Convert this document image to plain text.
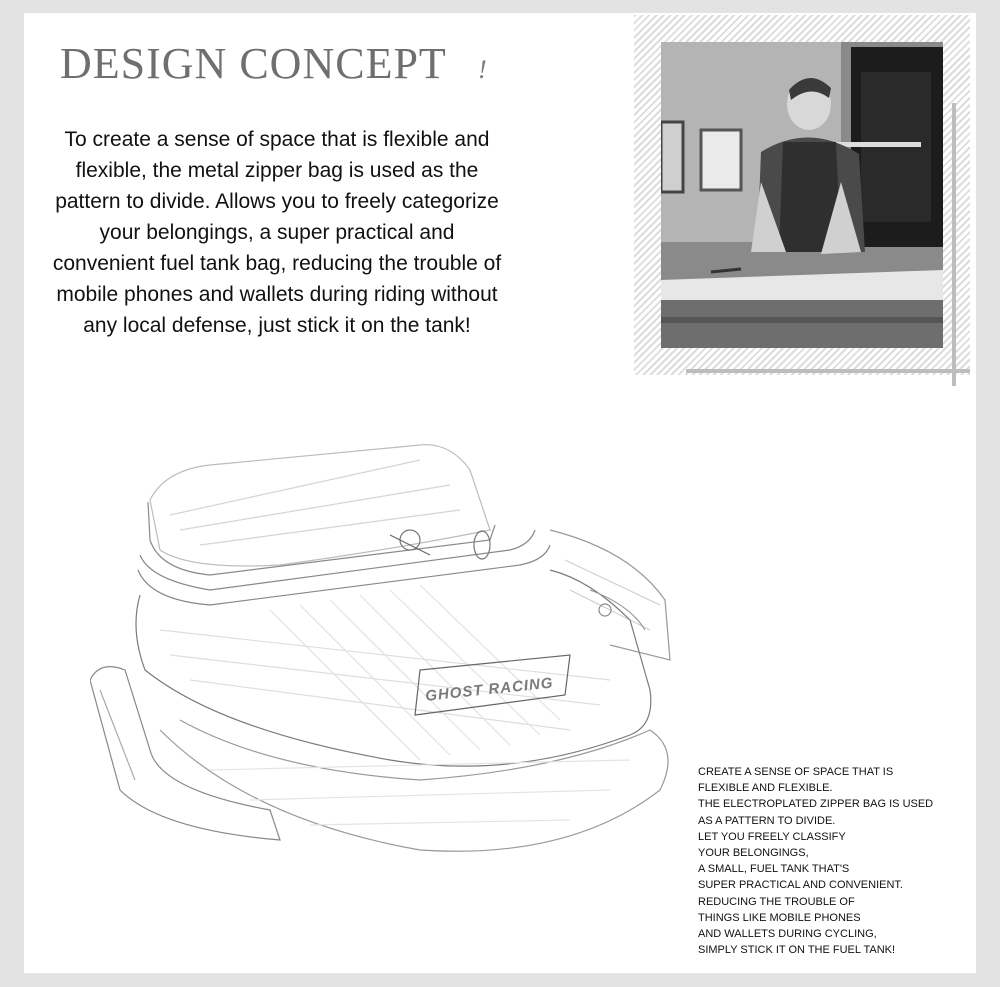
DESIGN CONCEPT !
To create a sense of space that is flexible and flexible, the metal zipper bag is used as the pattern to divide. Allows you to freely categorize your belongings, a super practical and convenient fuel tank bag, reducing the trouble of mobile phones and wallets during riding without any local defense, just stick it on the tank!
GHOST RACING
CREATE A SENSE OF SPACE THAT IS
FLEXIBLE AND FLEXIBLE.
THE ELECTROPLATED ZIPPER BAG IS USED
AS A PATTERN TO DIVIDE.
LET YOU FREELY CLASSIFY
YOUR BELONGINGS,
A SMALL, FUEL TANK THAT'S
SUPER PRACTICAL AND CONVENIENT.
REDUCING THE TROUBLE OF
THINGS LIKE MOBILE PHONES
AND WALLETS DURING CYCLING,
SIMPLY STICK IT ON THE FUEL TANK!
